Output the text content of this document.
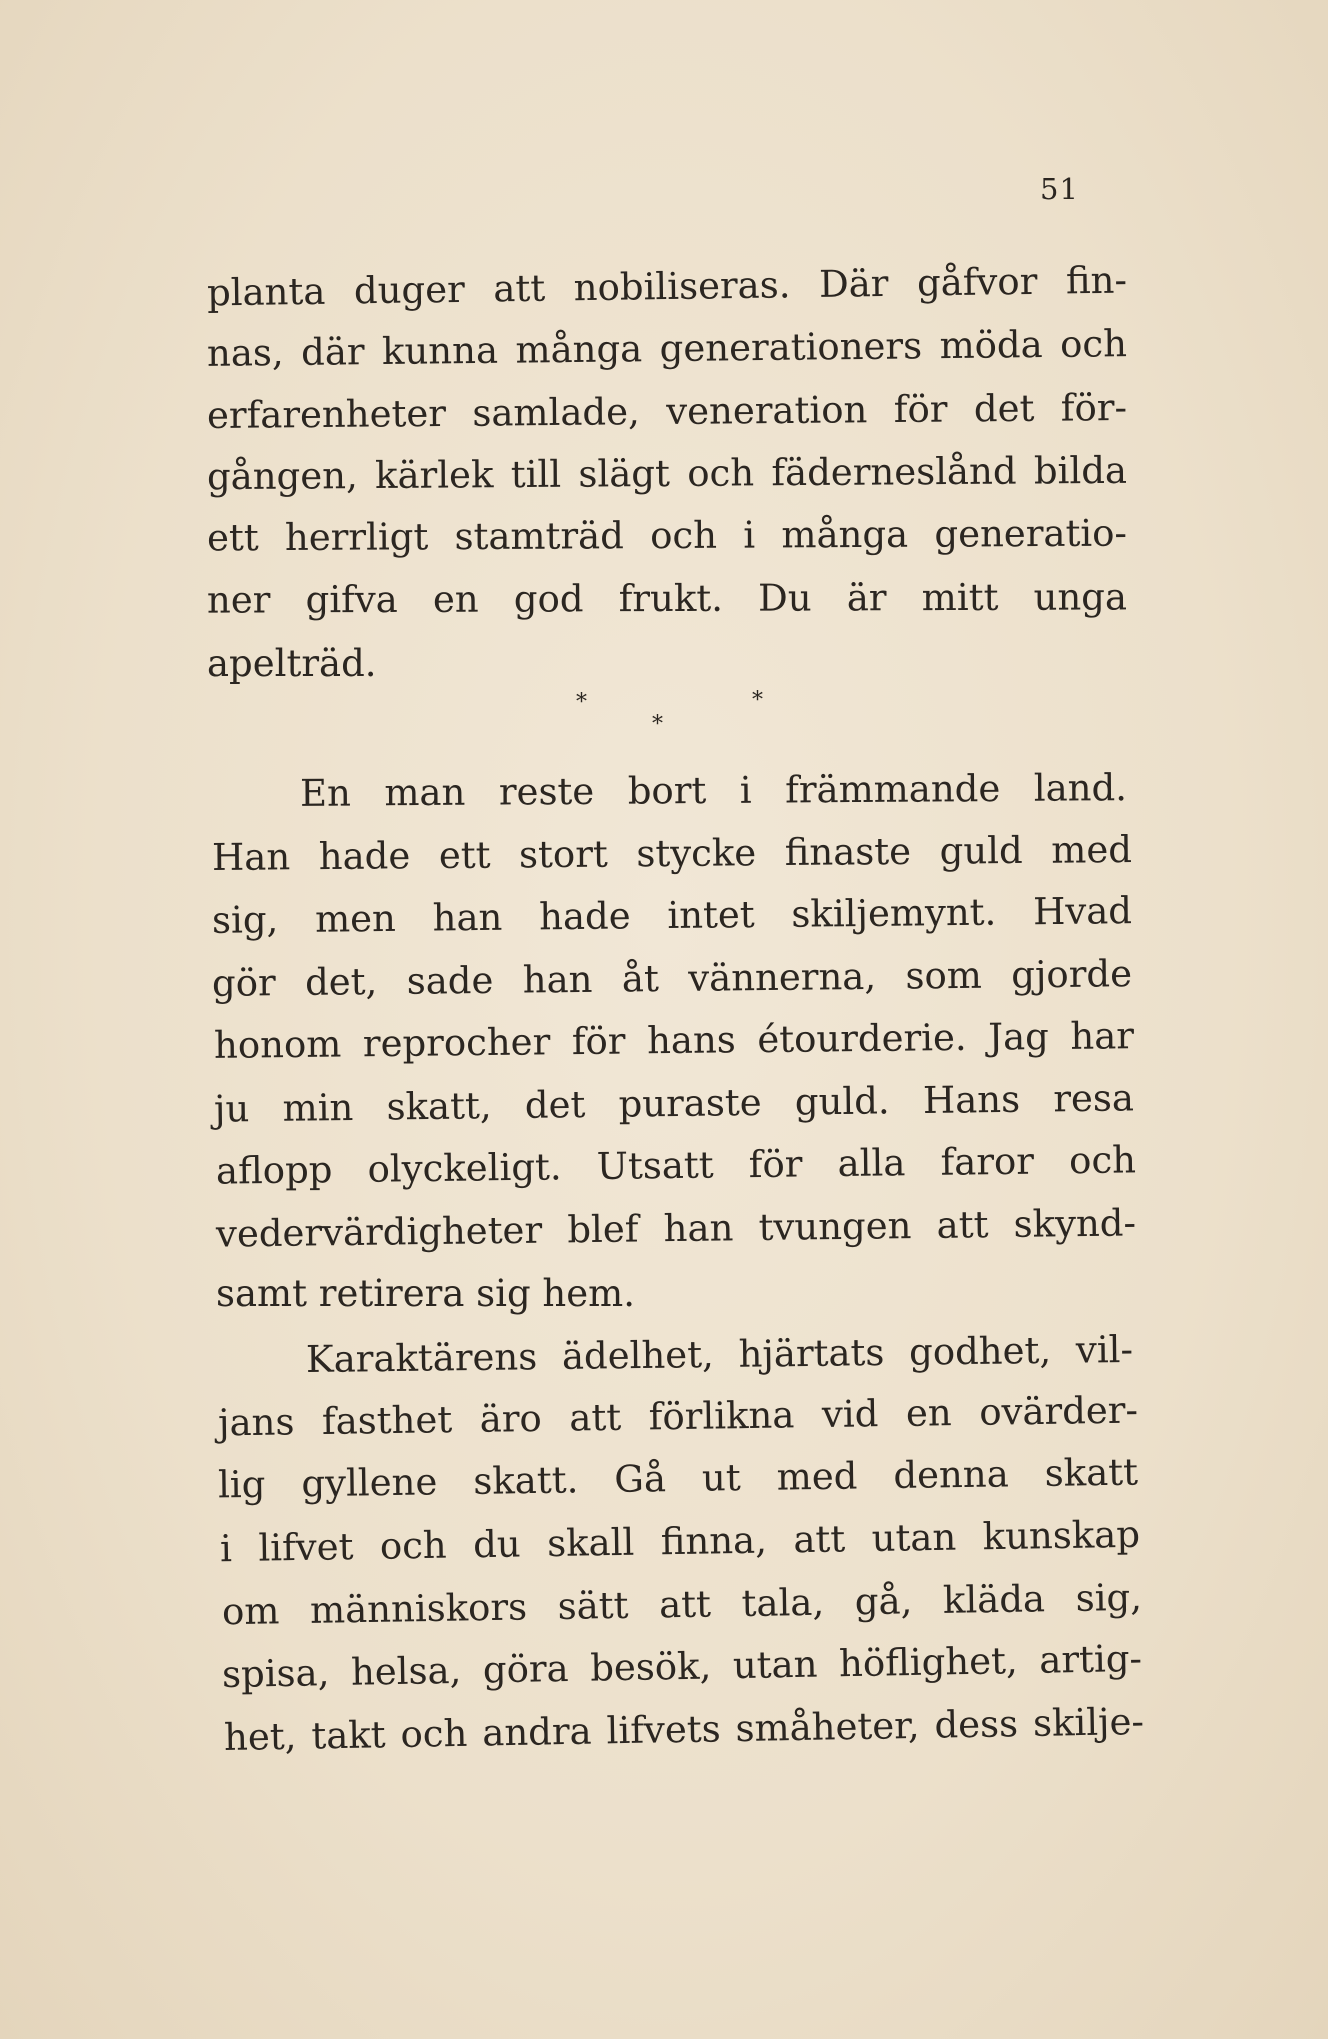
51
planta duger att nobiliseras. Där gåfvor fin-
nas, där kunna många generationers möda och
erfarenheter samlade, veneration för det för-
gången, kärlek till slägt och fäderneslånd bilda
ett herrligt stamträd och i många generatio-
ner gifva en god frukt. Du är mitt unga
apelträd.
*
*
*
En man reste bort i främmande land.
Han hade ett stort stycke finaste guld med
sig, men han hade intet skiljemynt. Hvad
gör det, sade han åt vännerna, som gjorde
honom reprocher för hans étourderie. Jag har
ju min skatt, det puraste guld. Hans resa
aflopp olyckeligt. Utsatt för alla faror och
vedervärdigheter blef han tvungen att skynd-
samt retirera sig hem.
Karaktärens ädelhet, hjärtats godhet, vil-
jans fasthet äro att förlikna vid en ovärder-
lig gyllene skatt. Gå ut med denna skatt
i lifvet och du skall finna, att utan kunskap
om människors sätt att tala, gå, kläda sig,
spisa, helsa, göra besök, utan höflighet, artig-
het, takt och andra lifvets småheter, dess skilje-
